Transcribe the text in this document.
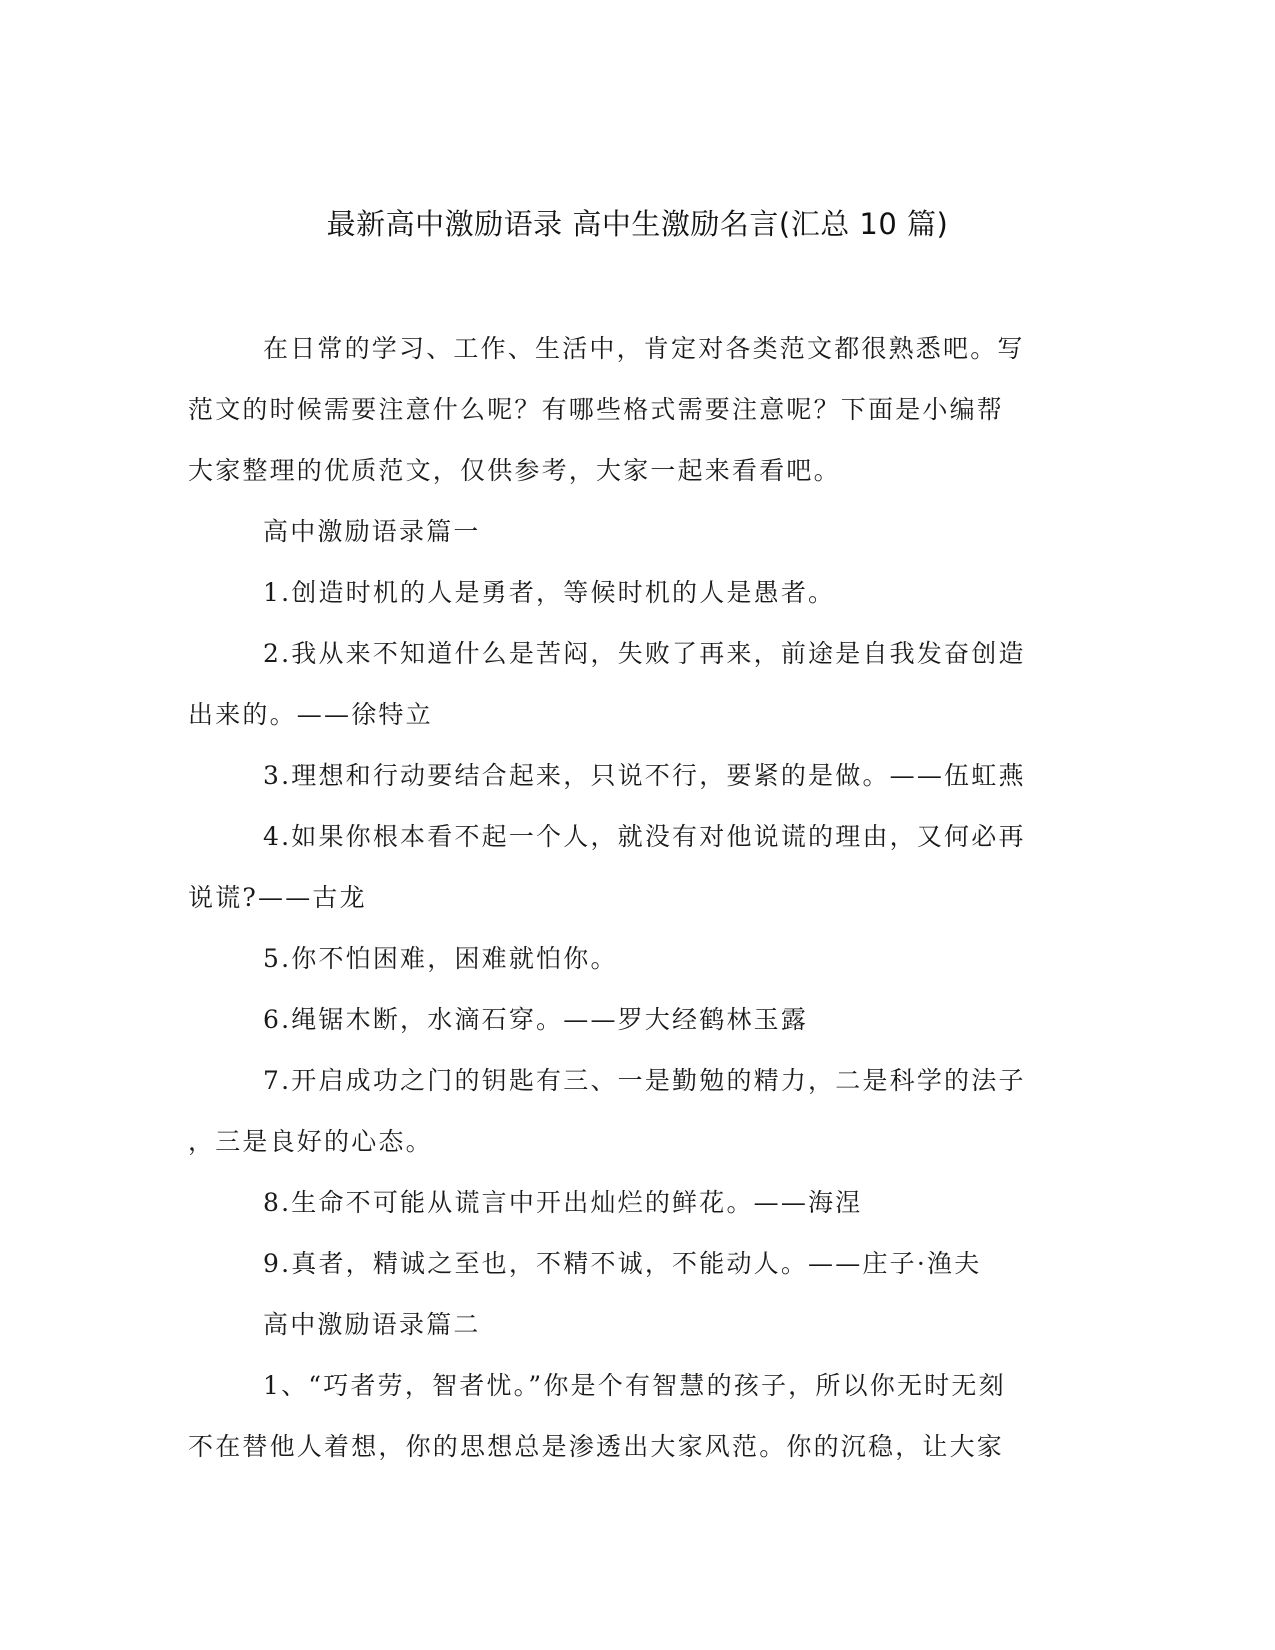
最新高中激励语录 高中生激励名言(汇总 10 篇)
在日常的学习、工作、生活中，肯定对各类范文都很熟悉吧。写
范文的时候需要注意什么呢？有哪些格式需要注意呢？下面是小编帮
大家整理的优质范文，仅供参考，大家一起来看看吧。
高中激励语录篇一
1.创造时机的人是勇者，等候时机的人是愚者。
2.我从来不知道什么是苦闷，失败了再来，前途是自我发奋创造
出来的。——徐特立
3.理想和行动要结合起来，只说不行，要紧的是做。——伍虹燕
4.如果你根本看不起一个人，就没有对他说谎的理由，又何必再
说谎?——古龙
5.你不怕困难，困难就怕你。
6.绳锯木断，水滴石穿。——罗大经鹤林玉露
7.开启成功之门的钥匙有三、一是勤勉的精力，二是科学的法子
，三是良好的心态。
8.生命不可能从谎言中开出灿烂的鲜花。——海涅
9.真者，精诚之至也，不精不诚，不能动人。——庄子·渔夫
高中激励语录篇二
1、“巧者劳，智者忧。”你是个有智慧的孩子，所以你无时无刻
不在替他人着想，你的思想总是渗透出大家风范。你的沉稳，让大家
